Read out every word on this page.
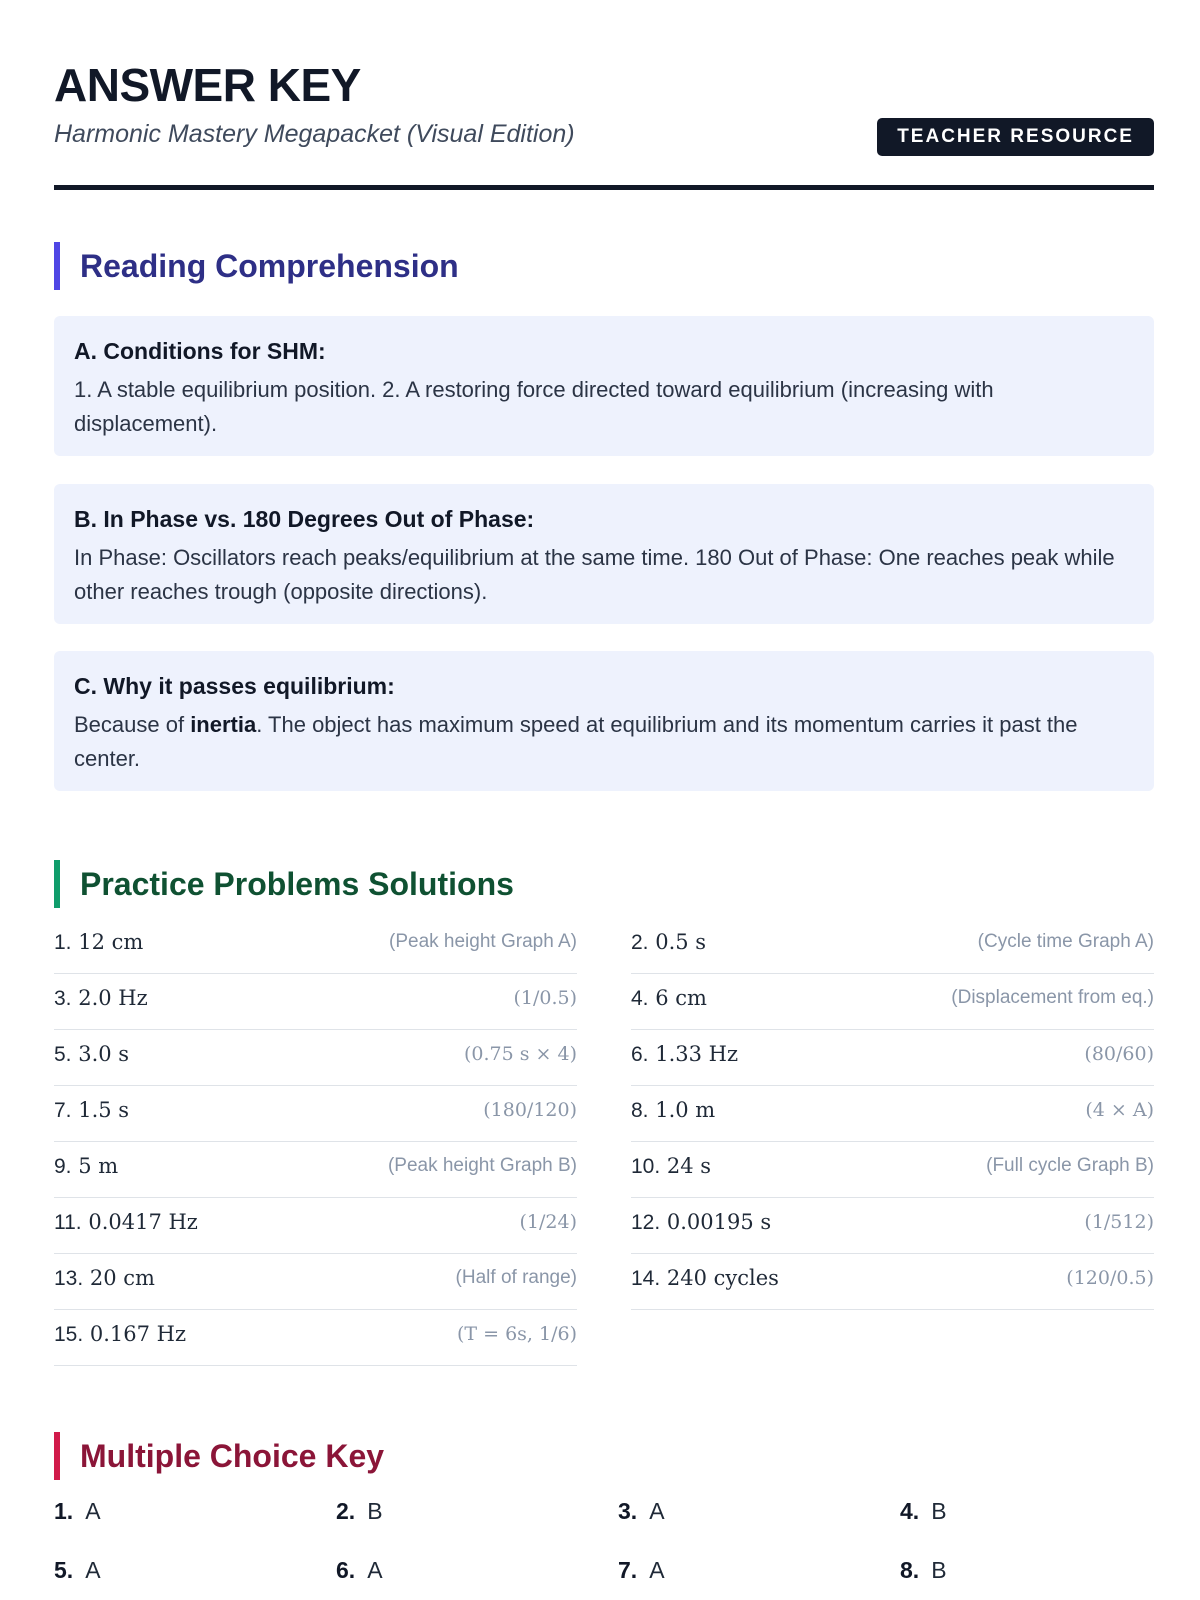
ANSWER KEY
Harmonic Mastery Megapacket (Visual Edition)	TEACHER RESOURCE
Reading Comprehension
A. Conditions for SHM:
1. A stable equilibrium position. 2. A restoring force directed toward equilibrium (increasing with displacement).
B. In Phase vs. 180 Degrees Out of Phase:
In Phase: Oscillators reach peaks/equilibrium at the same time. 180 Out of Phase: One reaches peak while other reaches trough (opposite directions).
C. Why it passes equilibrium:
Because of inertia. The object has maximum speed at equilibrium and its momentum carries it past the center.
Practice Problems Solutions
1. 12 cm	(Peak height Graph A)	2. 0.5 s	(Cycle time Graph A)
3. 2.0 Hz	(1/0.5)	4. 6 cm	(Displacement from eq.)
5. 3.0 s	(0.75 s × 4)	6. 1.33 Hz	(80/60)
7. 1.5 s	(180/120)	8. 1.0 m	(4 × A)
9. 5 m	(Peak height Graph B)	10. 24 s	(Full cycle Graph B)
11. 0.0417 Hz	(1/24)	12. 0.00195 s	(1/512)
13. 20 cm	(Half of range)	14. 240 cycles	(120/0.5)
15. 0.167 Hz	(T = 6s, 1/6)
Multiple Choice Key
1. A	2. B	3. A	4. B
5. A	6. A	7. A	8. B
